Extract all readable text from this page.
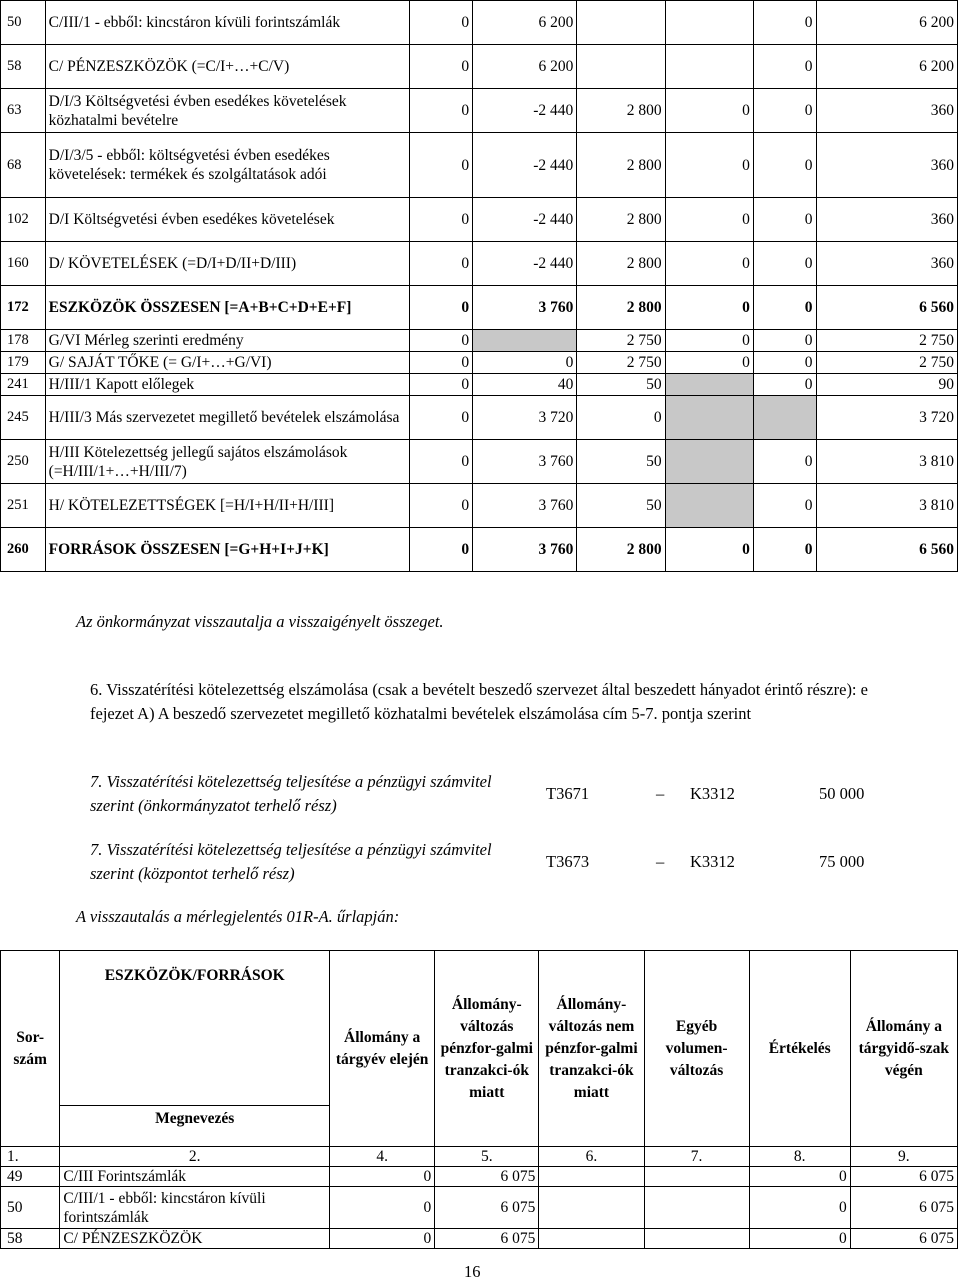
50	C/III/1 - ebből: kincstáron kívüli forintszámlák	0	6 200			0	6 200
58	C/ PÉNZESZKÖZÖK (=C/I+…+C/V)	0	6 200			0	6 200
63	D/I/3 Költségvetési évben esedékes követelések közhatalmi bevételre	0	-2 440	2 800	0	0	360
68	D/I/3/5 - ebből: költségvetési évben esedékes követelések: termékek és szolgáltatások adói	0	-2 440	2 800	0	0	360
102	D/I Költségvetési évben esedékes követelések	0	-2 440	2 800	0	0	360
160	D/ KÖVETELÉSEK (=D/I+D/II+D/III)	0	-2 440	2 800	0	0	360
172	ESZKÖZÖK ÖSSZESEN [=A+B+C+D+E+F]	0	3 760	2 800	0	0	6 560
178	G/VI Mérleg szerinti eredmény	0		2 750	0	0	2 750
179	G/ SAJÁT TŐKE (= G/I+…+G/VI)	0	0	2 750	0	0	2 750
241	H/III/1 Kapott előlegek	0	40	50		0	90
245	H/III/3 Más szervezetet megillető bevételek elszámolása	0	3 720	0			3 720
250	H/III Kötelezettség jellegű sajátos elszámolások (=H/III/1+…+H/III/7)	0	3 760	50		0	3 810
251	H/ KÖTELEZETTSÉGEK [=H/I+H/II+H/III]	0	3 760	50		0	3 810
260	FORRÁSOK ÖSSZESEN [=G+H+I+J+K]	0	3 760	2 800	0	0	6 560
Az önkormányzat visszautalja a visszaigényelt összeget.
6. Visszatérítési kötelezettség elszámolása (csak a bevételt beszedő szervezet által beszedett hányadot érintő részre): e fejezet A) A beszedő szervezetet megillető közhatalmi bevételek elszámolása cím 5-7. pontja szerint
7. Visszatérítési kötelezettség teljesítése a pénzügyi számvitel szerint (önkormányzatot terhelő rész)
T3671	– K3312	50 000
7. Visszatérítési kötelezettség teljesítése a pénzügyi számvitel szerint (központot terhelő rész)
T3673	– K3312	75 000
A visszautalás a mérlegjelentés 01R-A. űrlapján:
Sor-szám	ESZKÖZÖK/FORRÁSOK	Állomány a tárgyév elején	Állomány-változás pénzfor-galmi tranzakci-ók miatt	Állomány-változás nem pénzfor-galmi tranzakci-ók miatt	Egyéb volumen-változás	Értékelés	Állomány a tárgyidő-szak végén
	Megnevezés						
1.	2.	4.	5.	6.	7.	8.	9.
49	C/III Forintszámlák	0	6 075			0	6 075
50	C/III/1 - ebből: kincstáron kívüli forintszámlák	0	6 075			0	6 075
58	C/ PÉNZESZKÖZÖK	0	6 075			0	6 075
16
